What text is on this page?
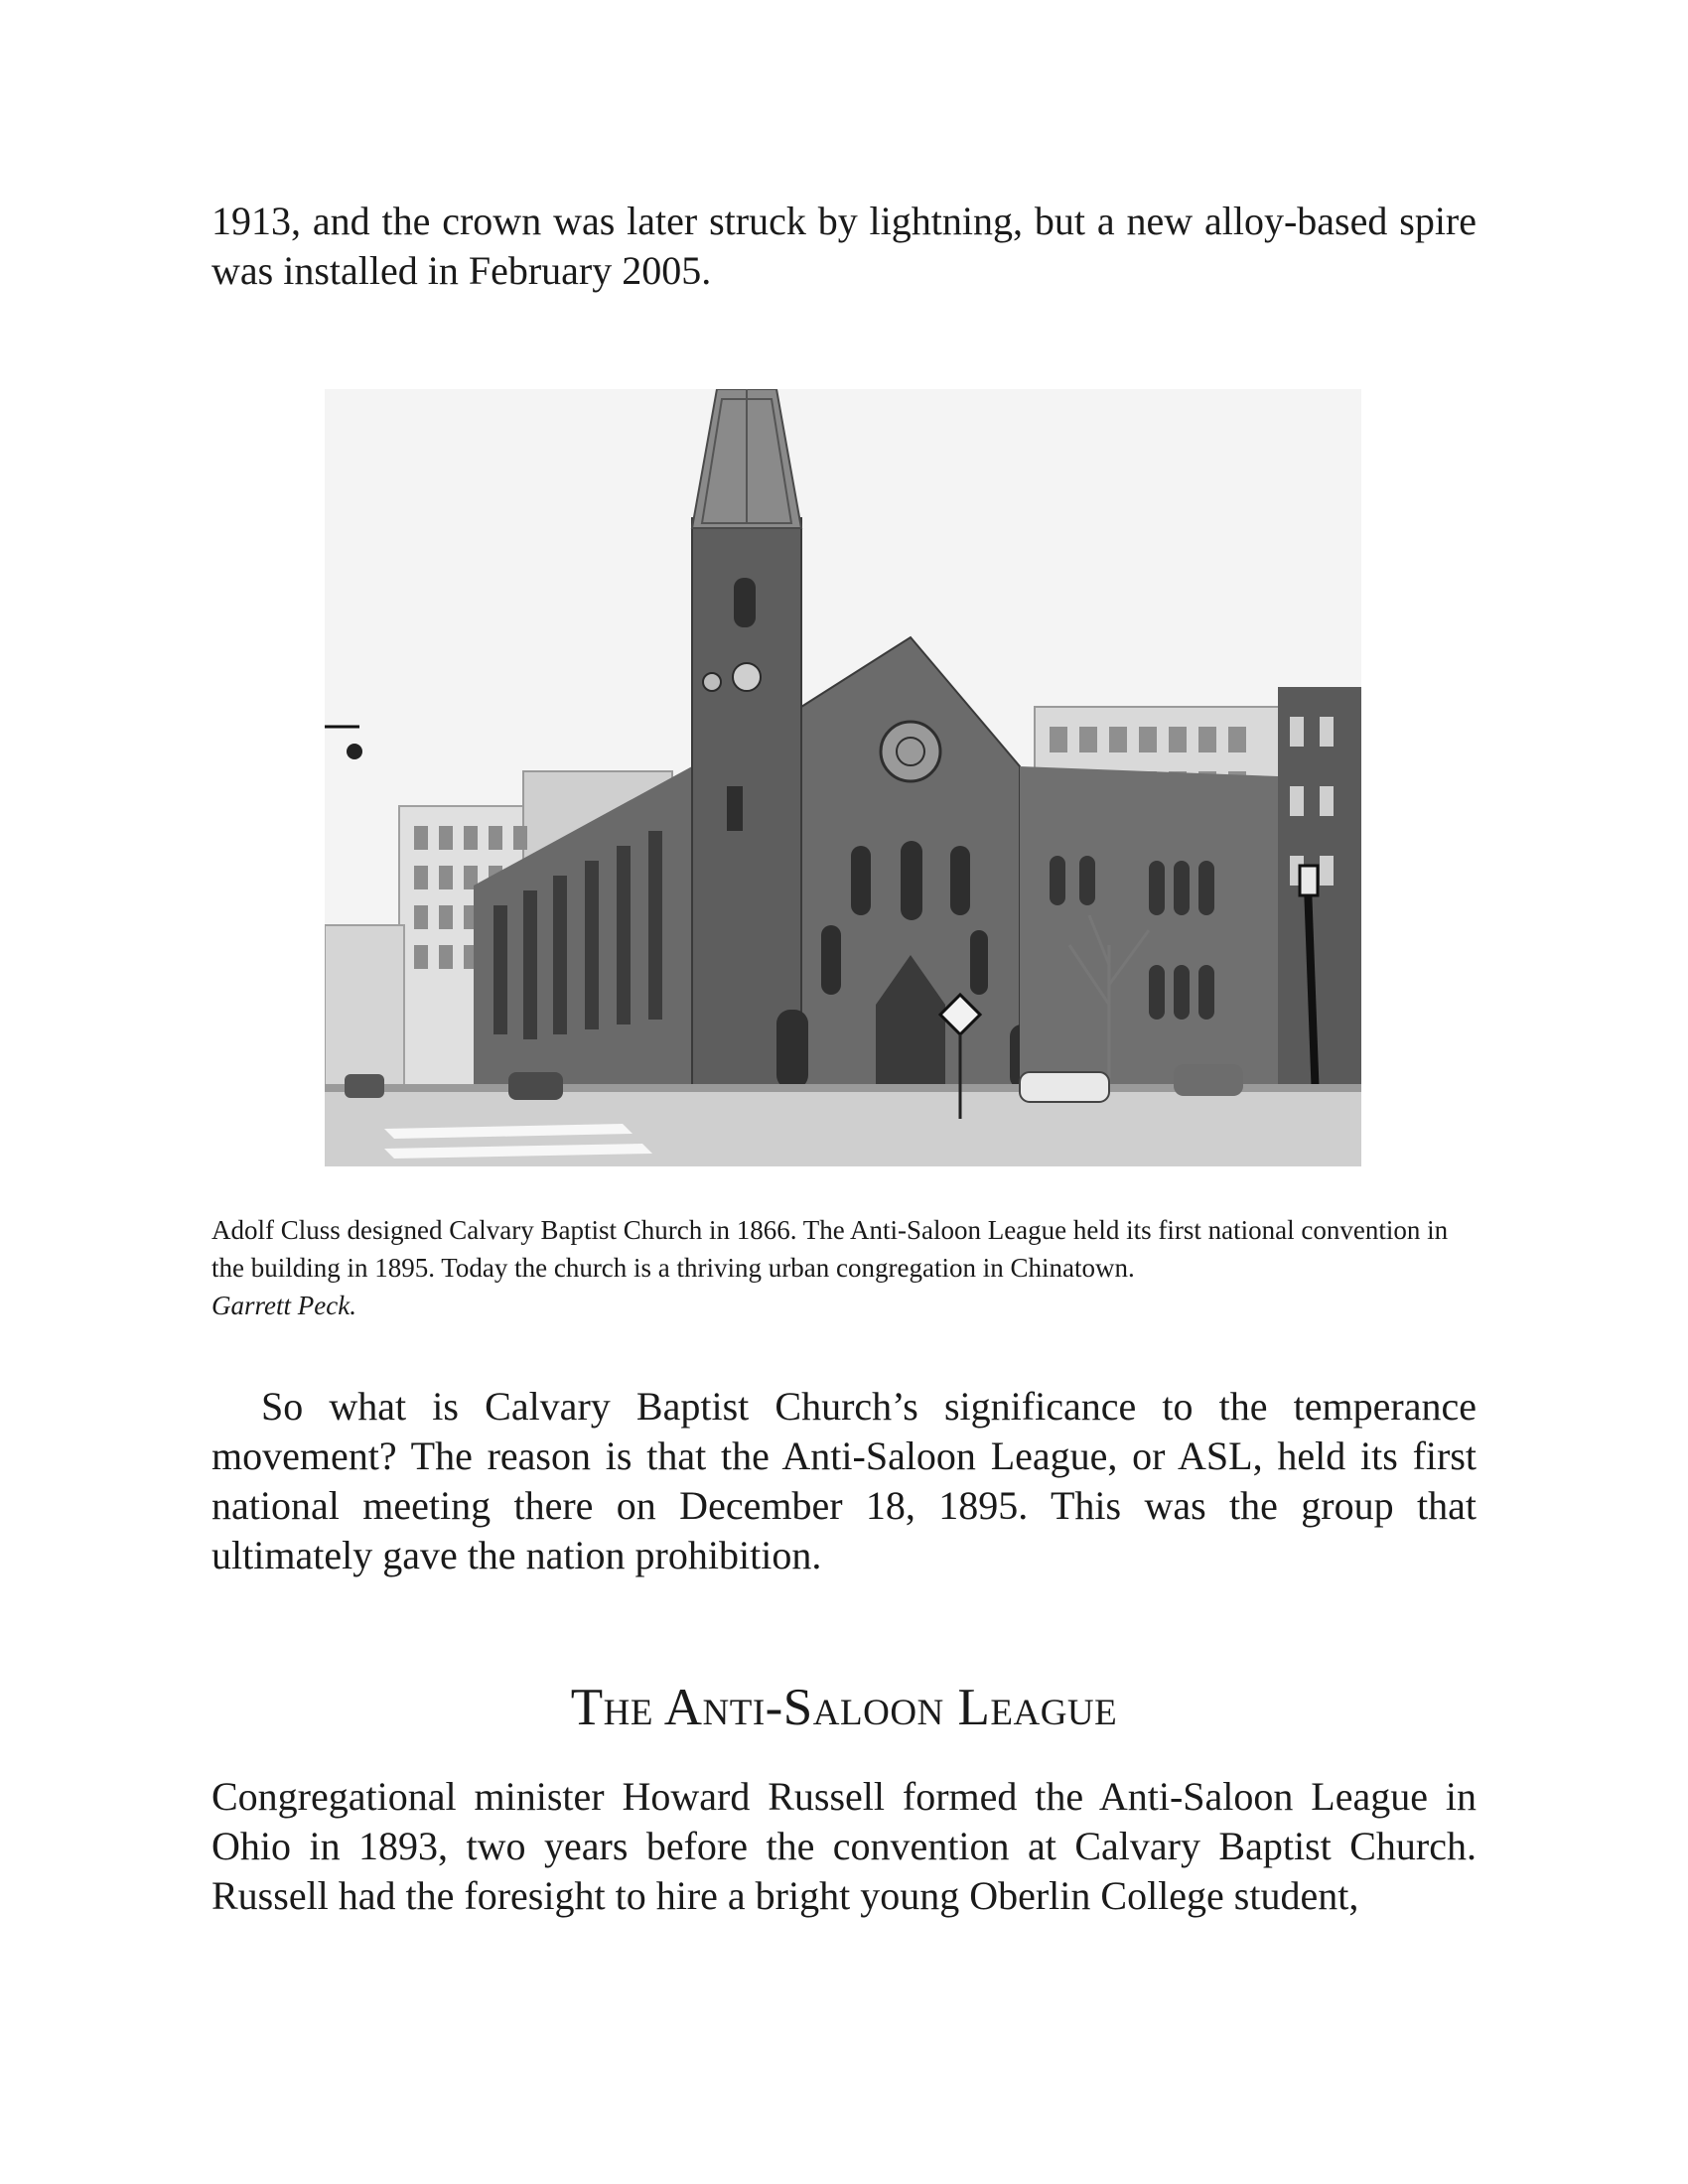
1913, and the crown was later struck by lightning, but a new alloy-based spire was installed in February 2005.

Adolf Cluss designed Calvary Baptist Church in 1866. The Anti-Saloon League held its first national convention in the building in 1895. Today the church is a thriving urban congregation in Chinatown.
Garrett Peck.

So what is Calvary Baptist Church’s significance to the temperance movement? The reason is that the Anti-Saloon League, or ASL, held its first national meeting there on December 18, 1895. This was the group that ultimately gave the nation prohibition.

The Anti-Saloon League

Congregational minister Howard Russell formed the Anti-Saloon League in Ohio in 1893, two years before the convention at Calvary Baptist Church. Russell had the foresight to hire a bright young Oberlin College student,
